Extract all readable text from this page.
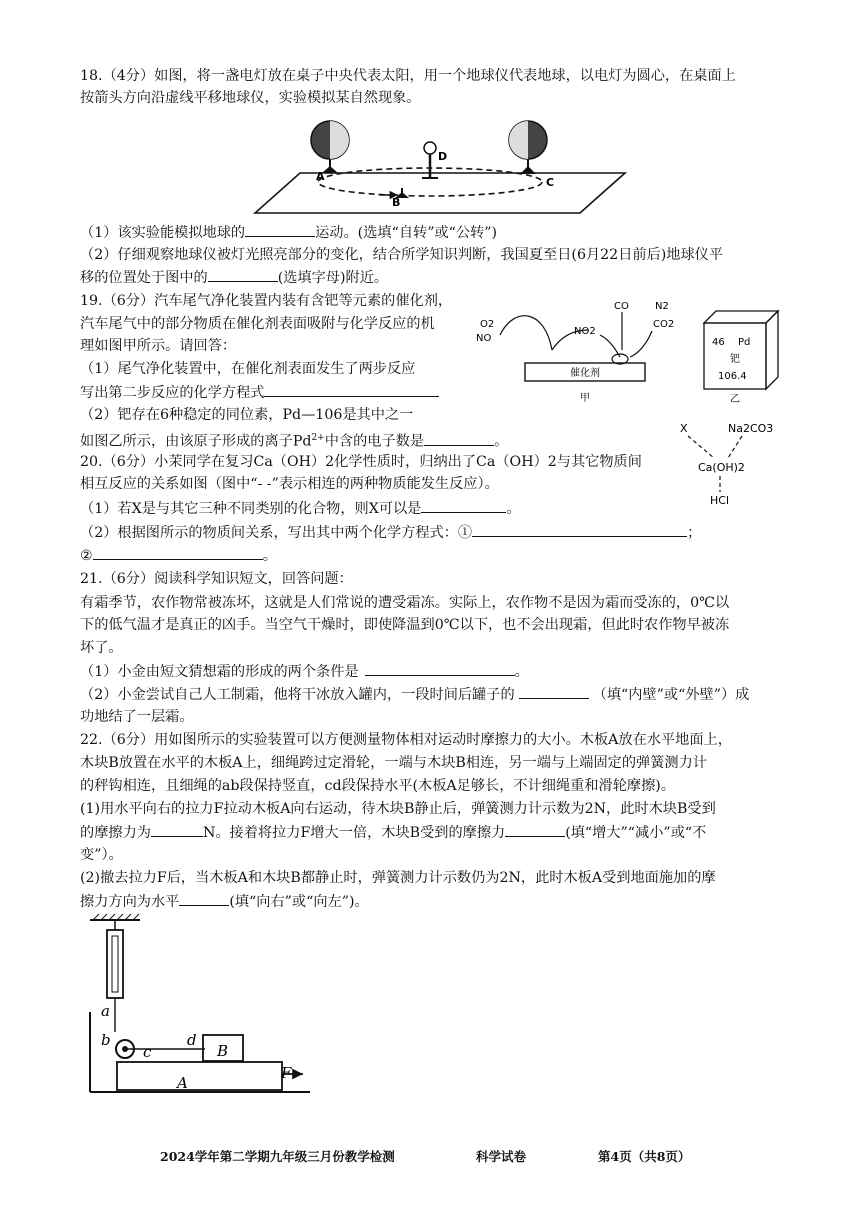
18.（4分）如图，将一盏电灯放在桌子中央代表太阳，用一个地球仪代表地球，以电灯为圆心，在桌面上
按箭头方向沿虚线平移地球仪，实验模拟某自然现象。
A
B
C
D
（1）该实验能模拟地球的	运动。(选填“自转”或“公转”)
（2）仔细观察地球仪被灯光照亮部分的变化，结合所学知识判断，我国夏至日(6月22日前后)地球仪平
移的位置处于图中的	(选填字母)附近。
19.（6分）汽车尾气净化装置内装有含钯等元素的催化剂，
汽车尾气中的部分物质在催化剂表面吸附与化学反应的机
理如图甲所示。请回答：
（1）尾气净化装置中，在催化剂表面发生了两步反应
写出第二步反应的化学方程式
（2）钯存在6种稳定的同位素，Pd—106是其中之一
如图乙所示，由该原子形成的离子$Pd^{2+}$中含的电子数是	。
O2
NO
NO2
CO	N2
CO2
催化剂
甲
46 Pd
钯
106.4
乙
20.（6分）小茉同学在复习Ca（OH）2化学性质时，归纳出了Ca（OH）2与其它物质间
相互反应的关系如图（图中“- -”表示相连的两种物质能发生反应）。
（1）若X是与其它三种不同类别的化合物，则X可以是	。
（2）根据图所示的物质间关系，写出其中两个化学方程式：①	；
②	。
X	Na2CO3
Ca(OH)2
HCl
21.（6分）阅读科学知识短文，回答问题：
有霜季节，农作物常被冻坏，这就是人们常说的遭受霜冻。实际上，农作物不是因为霜而受冻的，0℃以
下的低气温才是真正的凶手。当空气干燥时，即使降温到0℃以下，也不会出现霜，但此时农作物早被冻
坏了。
（1）小金由短文猜想霜的形成的两个条件是	。
（2）小金尝试自己人工制霜，他将干冰放入罐内，一段时间后罐子的	（填“内壁”或“外壁”）成
功地结了一层霜。
22.（6分）用如图所示的实验装置可以方便测量物体相对运动时摩擦力的大小。木板A放在水平地面上，
木块B放置在水平的木板A上，细绳跨过定滑轮，一端与木块B相连，另一端与上端固定的弹簧测力计
的秤钩相连，且细绳的ab段保持竖直，cd段保持水平(木板A足够长，不计细绳重和滑轮摩擦)。
(1)用水平向右的拉力F拉动木板A向右运动，待木块B静止后，弹簧测力计示数为2N，此时木块B受到
的摩擦力为	N。接着将拉力F增大一倍，木块B受到的摩擦力	(填“增大”“减小”或“不
变”）。
(2)撤去拉力F后，当木板A和木块B都静止时，弹簧测力计示数仍为2N，此时木板A受到地面施加的摩
擦力方向为水平	(填“向右”或“向左”)。
a
b
c
d
B
A
F
2024学年第二学期九年级三月份教学检测	科学试卷	第4页（共8页）
